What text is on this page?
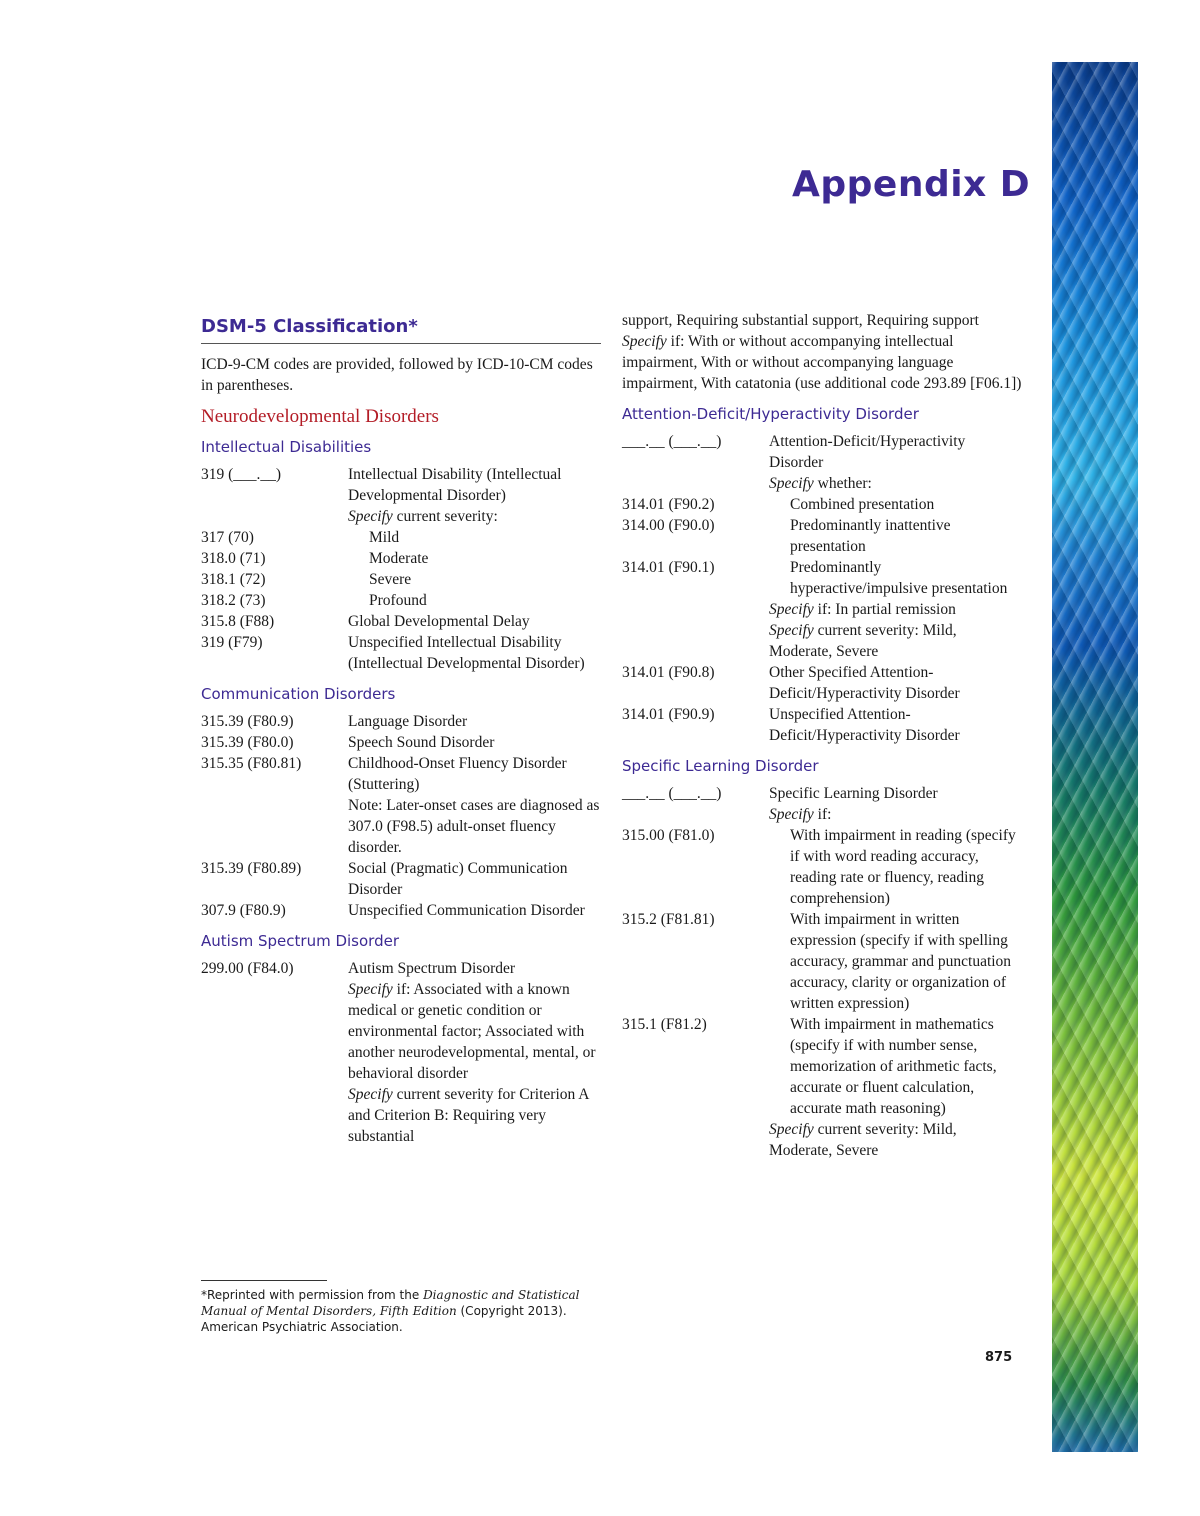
Appendix D
DSM-5 Classification*

ICD-9-CM codes are provided, followed by ICD-10-CM codes in parentheses.

Neurodevelopmental Disorders
Intellectual Disabilities
319 (___.__)	Intellectual Disability (Intellectual Developmental Disorder)
Specify current severity:
317 (70)	Mild
318.0 (71)	Moderate
318.1 (72)	Severe
318.2 (73)	Profound
315.8 (F88)	Global Developmental Delay
319 (F79)	Unspecified Intellectual Disability (Intellectual Developmental Disorder)
Communication Disorders
315.39 (F80.9)	Language Disorder
315.39 (F80.0)	Speech Sound Disorder
315.35 (F80.81)	Childhood-Onset Fluency Disorder (Stuttering)
Note: Later-onset cases are diagnosed as 307.0 (F98.5) adult-onset fluency disorder.
315.39 (F80.89)	Social (Pragmatic) Communication Disorder
307.9 (F80.9)	Unspecified Communication Disorder
Autism Spectrum Disorder
299.00 (F84.0)	Autism Spectrum Disorder
Specify if: Associated with a known medical or genetic condition or environmental factor; Associated with another neurodevelopmental, mental, or behavioral disorder
Specify current severity for Criterion A and Criterion B: Requiring very substantial
support, Requiring substantial support, Requiring support
Specify if: With or without accompanying intellectual impairment, With or without accompanying language impairment, With catatonia (use additional code 293.89 [F06.1])
Attention-Deficit/Hyperactivity Disorder
___.__ (___.__)	Attention-Deficit/Hyperactivity Disorder
Specify whether:
314.01 (F90.2)	Combined presentation
314.00 (F90.0)	Predominantly inattentive presentation
314.01 (F90.1)	Predominantly hyperactive/impulsive presentation
Specify if: In partial remission
Specify current severity: Mild, Moderate, Severe
314.01 (F90.8)	Other Specified Attention-Deficit/Hyperactivity Disorder
314.01 (F90.9)	Unspecified Attention-Deficit/Hyperactivity Disorder
Specific Learning Disorder
___.__ (___.__)	Specific Learning Disorder
Specify if:
315.00 (F81.0)	With impairment in reading (specify if with word reading accuracy, reading rate or fluency, reading comprehension)
315.2 (F81.81)	With impairment in written expression (specify if with spelling accuracy, grammar and punctuation accuracy, clarity or organization of written expression)
315.1 (F81.2)	With impairment in mathematics (specify if with number sense, memorization of arithmetic facts, accurate or fluent calculation, accurate math reasoning)
Specify current severity: Mild, Moderate, Severe
*Reprinted with permission from the Diagnostic and Statistical Manual of Mental Disorders, Fifth Edition (Copyright 2013). American Psychiatric Association.
875
